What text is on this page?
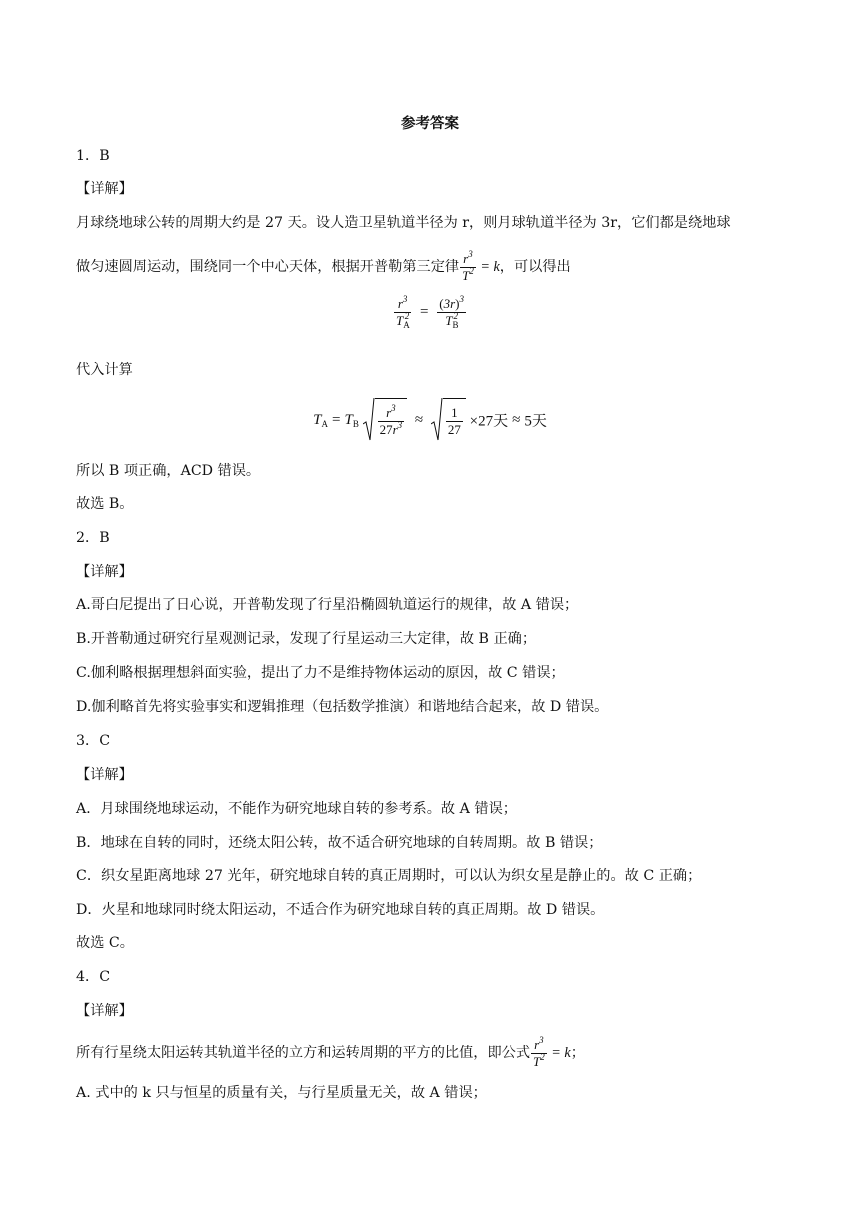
参考答案
1．B
【详解】
月球绕地球公转的周期大约是 27 天。设人造卫星轨道半径为 r，则月球轨道半径为 3r，它们都是绕地球
做匀速圆周运动，围绕同一个中心天体，根据开普勒第三定律 $\frac{r^3}{T^2} = k$，可以得出
$\frac{r^3}{T_A^2} = \frac{(3r)^3}{T_B^2}$
代入计算
$T_A = T_B \frac{r^3}{27r^3} \approx \frac{1}{27} \times 27$天 ≈ 5天
所以 B 项正确，ACD 错误。
故选 B。
2．B
【详解】
A.哥白尼提出了日心说，开普勒发现了行星沿椭圆轨道运行的规律，故 A 错误；
B.开普勒通过研究行星观测记录，发现了行星运动三大定律，故 B 正确；
C.伽利略根据理想斜面实验，提出了力不是维持物体运动的原因，故 C 错误；
D.伽利略首先将实验事实和逻辑推理（包括数学推演）和谐地结合起来，故 D 错误。
3．C
【详解】
A．月球围绕地球运动，不能作为研究地球自转的参考系。故 A 错误；
B．地球在自转的同时，还绕太阳公转，故不适合研究地球的自转周期。故 B 错误；
C．织女星距离地球 27 光年，研究地球自转的真正周期时，可以认为织女星是静止的。故 C 正确；
D．火星和地球同时绕太阳运动，不适合作为研究地球自转的真正周期。故 D 错误。
故选 C。
4．C
【详解】
所有行星绕太阳运转其轨道半径的立方和运转周期的平方的比值，即公式 $\frac{r^3}{T^2} = k$；
A. 式中的 k 只与恒星的质量有关，与行星质量无关，故 A 错误；
